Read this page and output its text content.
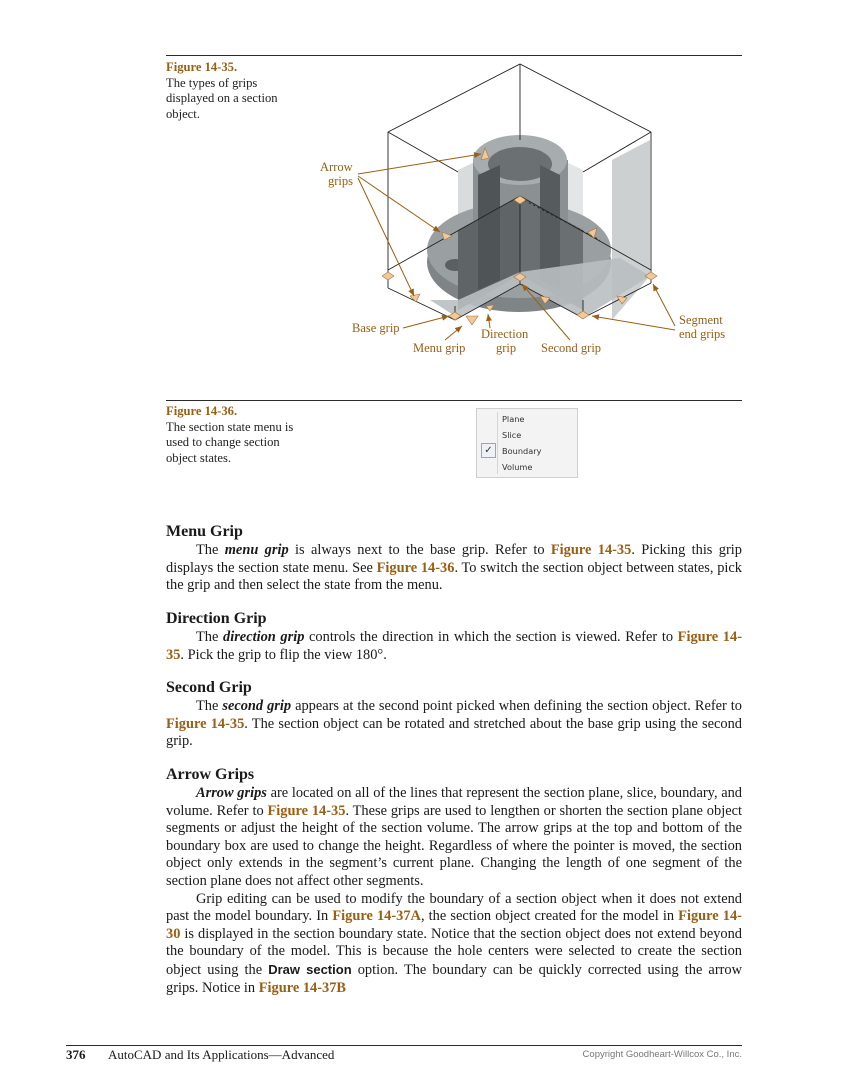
Figure 14-35.
The types of grips displayed on a section object.
Arrow
grips
Base grip
Menu grip
Direction
grip Second grip
Segment
end grips
Figure 14-36.
The section state menu is used to change section object states.	✓
Plane
Slice
Boundary
Volume
Menu Grip

The menu grip is always next to the base grip. Refer to Figure 14-35. Picking this grip displays the section state menu. See Figure 14-36. To switch the section object between states, pick the grip and then select the state from the menu.

Direction Grip

The direction grip controls the direction in which the section is viewed. Refer to Figure 14-35. Pick the grip to flip the view 180°.

Second Grip

The second grip appears at the second point picked when defining the section object. Refer to Figure 14-35. The section object can be rotated and stretched about the base grip using the second grip.

Arrow Grips

Arrow grips are located on all of the lines that represent the section plane, slice, boundary, and volume. Refer to Figure 14-35. These grips are used to lengthen or shorten the section plane object segments or adjust the height of the section volume. The arrow grips at the top and bottom of the boundary box are used to change the height. Regardless of where the pointer is moved, the section object only extends in the segment’s current plane. Changing the length of one segment of the section plane does not affect other segments.

Grip editing can be used to modify the boundary of a section object when it does not extend past the model boundary. In Figure 14-37A, the section object created for the model in Figure 14-30 is displayed in the section boundary state. Notice that the section object does not extend beyond the boundary of the model. This is because the hole centers were selected to create the section object using the Draw section option. The boundary can be quickly corrected using the arrow grips. Notice in Figure 14-37B

376 AutoCAD and Its Applications—Advanced	Copyright Goodheart-Willcox Co., Inc.
